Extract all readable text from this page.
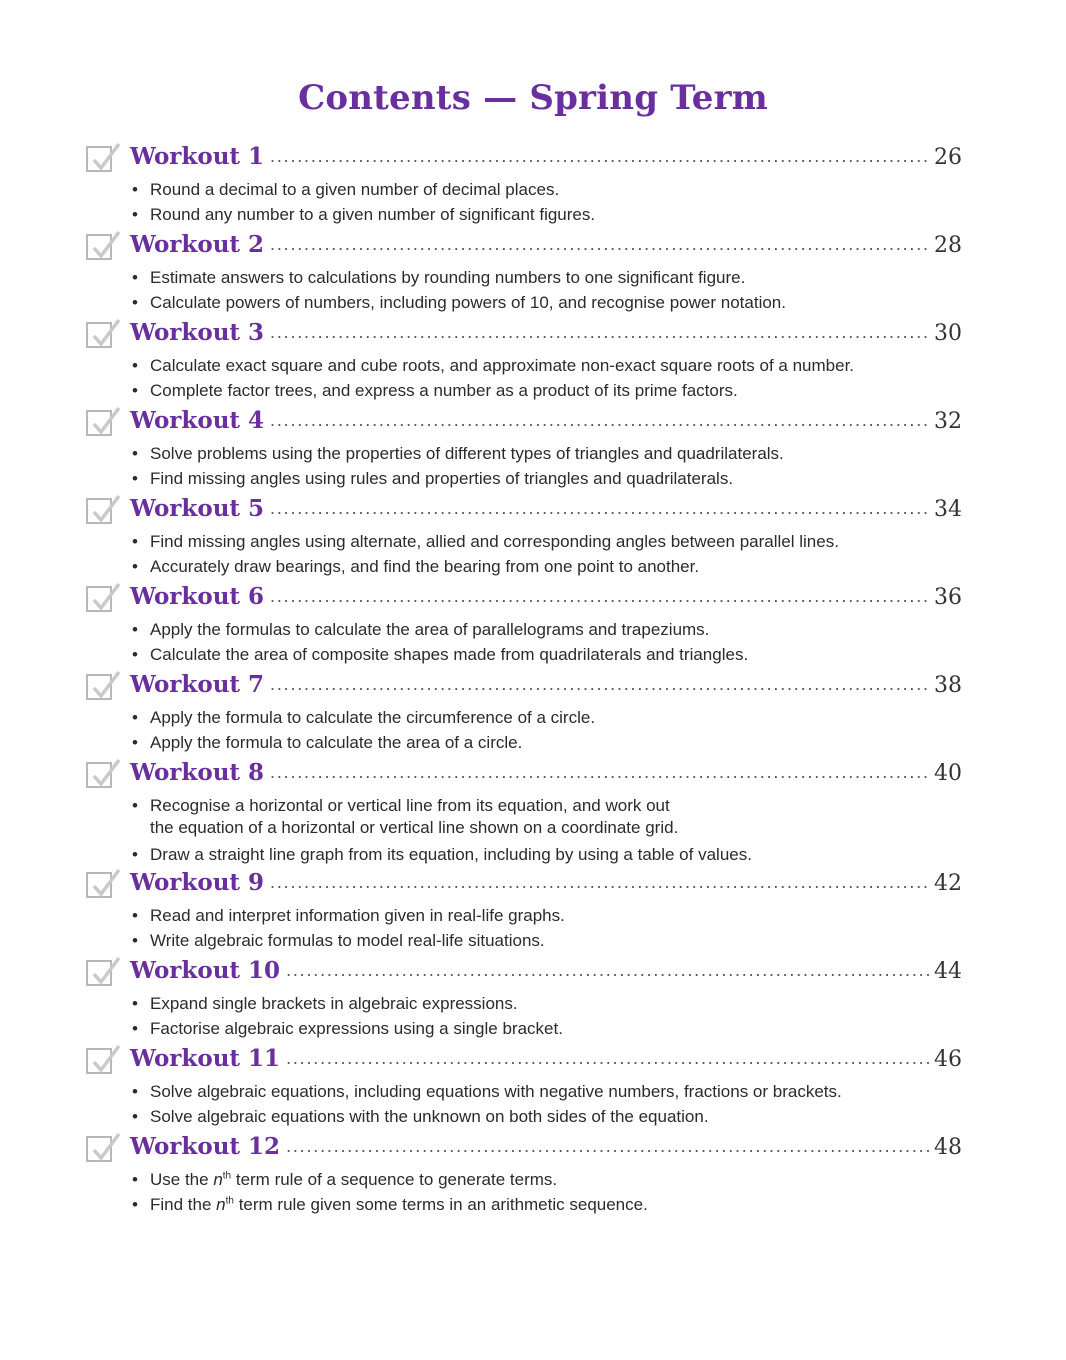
Contents — Spring Term
Workout 1 . . .	26
• Round a decimal to a given number of decimal places.
• Round any number to a given number of significant figures.
Workout 2 . . .	28
• Estimate answers to calculations by rounding numbers to one significant figure.
• Calculate powers of numbers, including powers of 10, and recognise power notation.
Workout 3 . . .	30
• Calculate exact square and cube roots, and approximate non-exact square roots of a number.
• Complete factor trees, and express a number as a product of its prime factors.
Workout 4 . . .	32
• Solve problems using the properties of different types of triangles and quadrilaterals.
• Find missing angles using rules and properties of triangles and quadrilaterals.
Workout 5 . . .	34
• Find missing angles using alternate, allied and corresponding angles between parallel lines.
• Accurately draw bearings, and find the bearing from one point to another.
Workout 6 . . .	36
• Apply the formulas to calculate the area of parallelograms and trapeziums.
• Calculate the area of composite shapes made from quadrilaterals and triangles.
Workout 7 . . .	38
• Apply the formula to calculate the circumference of a circle.
• Apply the formula to calculate the area of a circle.
Workout 8 . . .	40
• Recognise a horizontal or vertical line from its equation, and work out
the equation of a horizontal or vertical line shown on a coordinate grid.
• Draw a straight line graph from its equation, including by using a table of values.
Workout 9 . . .	42
• Read and interpret information given in real-life graphs.
• Write algebraic formulas to model real-life situations.
Workout 10 . . .	44
• Expand single brackets in algebraic expressions.
• Factorise algebraic expressions using a single bracket.
Workout 11 . . .	46
• Solve algebraic equations, including equations with negative numbers, fractions or brackets.
• Solve algebraic equations with the unknown on both sides of the equation.
Workout 12 . . .	48
• Use the $n^{th}$ term rule of a sequence to generate terms.
• Find the $n^{th}$ term rule given some terms in an arithmetic sequence.
